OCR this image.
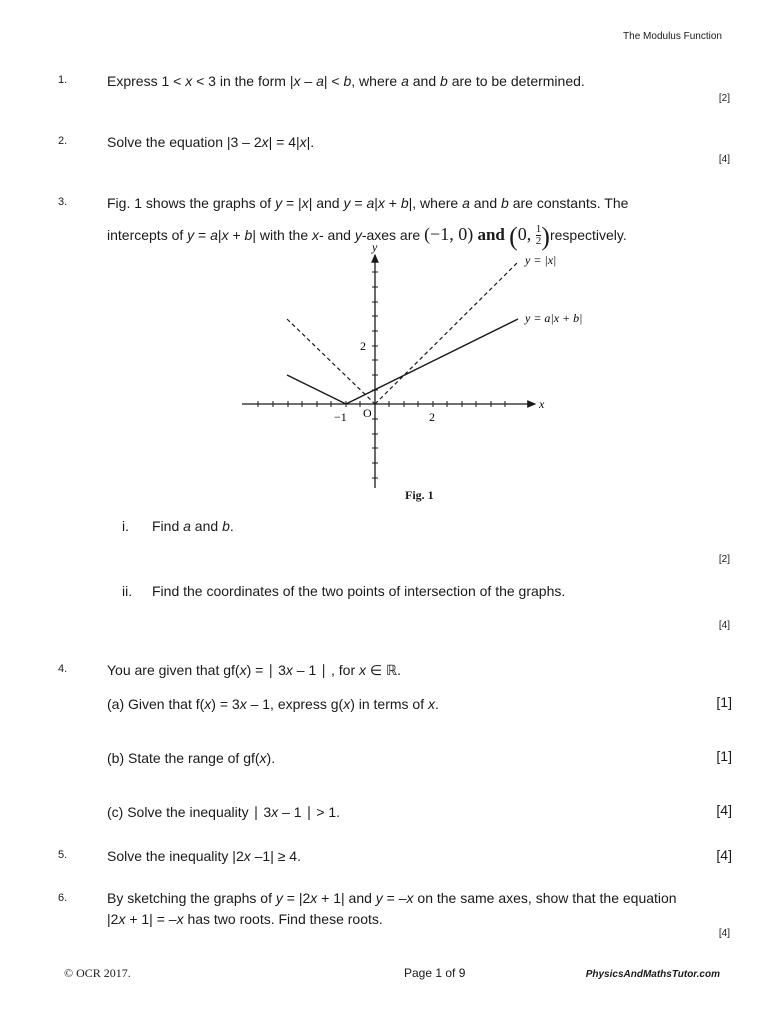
The Modulus Function
1.	Express 1 < x < 3 in the form |x – a| < b, where a and b are to be determined.
[2]
2.	Solve the equation |3 – 2x| = 4|x|.
[4]
3.	Fig. 1 shows the graphs of y = |x| and y = a|x + b|, where a and b are constants. The
intercepts of y = a|x + b| with the x- and y-axes are (−1, 0) and (0, $\frac{1}{2}$ )respectively.
y = |x|
y = a|x + b|
x
y
O
−1	2
2
Fig. 1
i. Find a and b.
[2]
ii. Find the coordinates of the two points of intersection of the graphs.
[4]
4.	You are given that gf(x) = ∣ 3x – 1 ∣ , for x ∈ ℝ.
(a) Given that f(x) = 3x – 1, express g(x) in terms of x.	[1]
(b) State the range of gf(x).	[1]
(c) Solve the inequality ∣ 3x – 1 ∣ > 1.	[4]
5.	Solve the inequality |2x –1| ≥ 4.	[4]
6.	By sketching the graphs of y = |2x + 1| and y = –x on the same axes, show that the equation
|2x + 1| = –x has two roots. Find these roots.
[4]
© OCR 2017.	Page 1 of 9	PhysicsAndMathsTutor.com
